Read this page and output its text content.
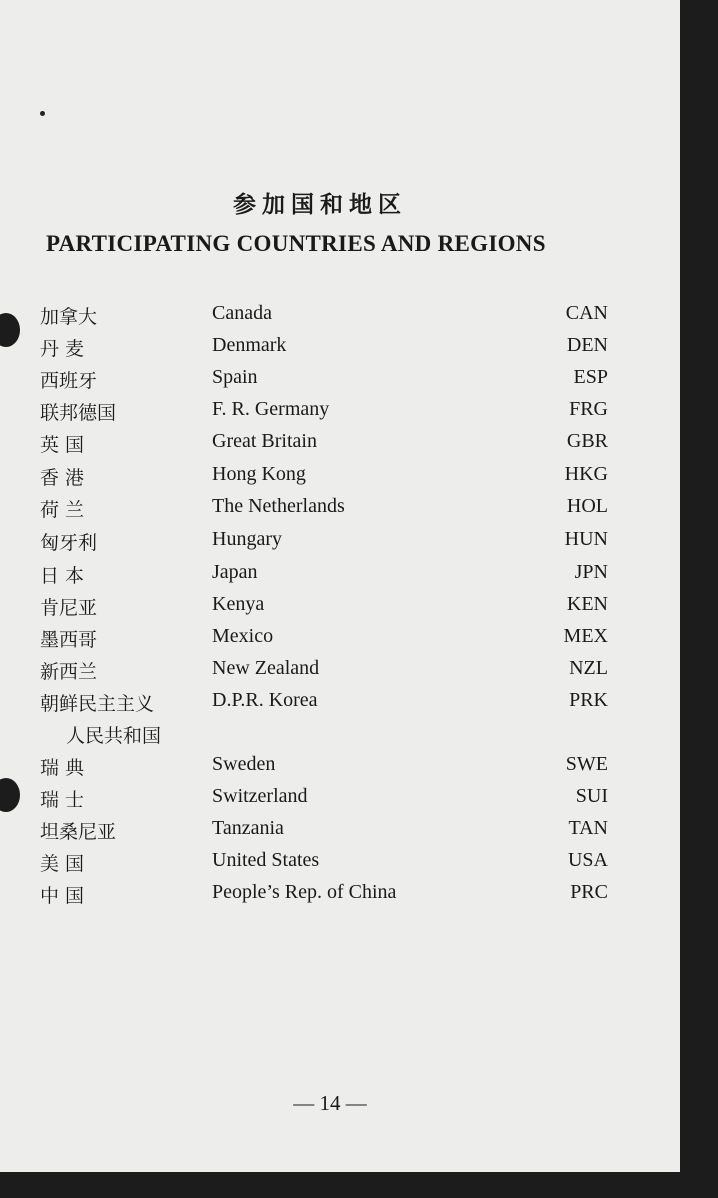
参加国和地区
PARTICIPATING COUNTRIES AND REGIONS
加拿大	Canada	CAN
丹 麦	Denmark	DEN
西班牙	Spain	ESP
联邦德国	F. R. Germany	FRG
英 国	Great Britain	GBR
香 港	Hong Kong	HKG
荷 兰	The Netherlands	HOL
匈牙利	Hungary	HUN
日 本	Japan	JPN
肯尼亚	Kenya	KEN
墨西哥	Mexico	MEX
新西兰	New Zealand	NZL
朝鲜民主主义	D.P.R. Korea	PRK
人民共和国
瑞 典	Sweden	SWE
瑞 士	Switzerland	SUI
坦桑尼亚	Tanzania	TAN
美 国	United States	USA
中 国	People’s Rep. of China	PRC
— 14 —
